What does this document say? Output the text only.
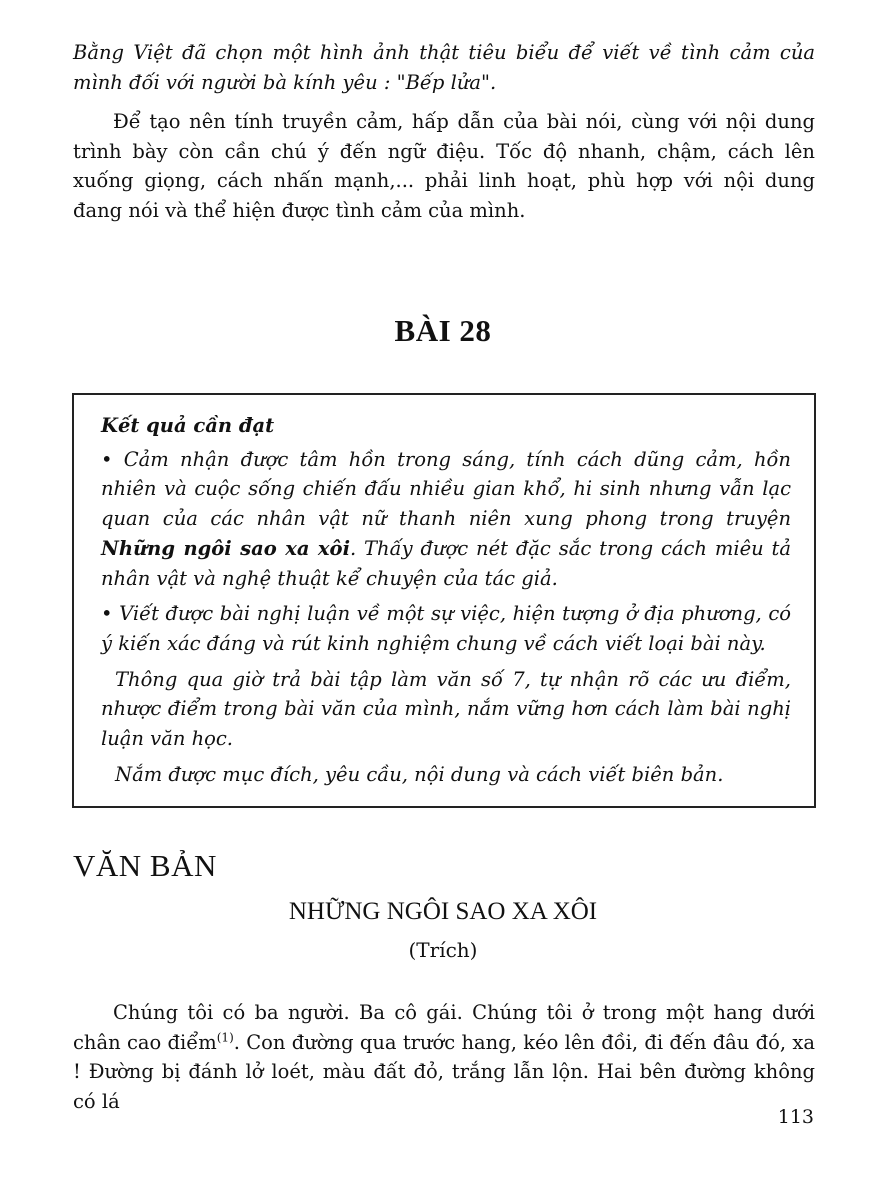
Bằng Việt đã chọn một hình ảnh thật tiêu biểu để viết về tình cảm của mình đối với người bà kính yêu : "Bếp lửa".

Để tạo nên tính truyền cảm, hấp dẫn của bài nói, cùng với nội dung trình bày còn cần chú ý đến ngữ điệu. Tốc độ nhanh, chậm, cách lên xuống giọng, cách nhấn mạnh,... phải linh hoạt, phù hợp với nội dung đang nói và thể hiện được tình cảm của mình.

BÀI 28

Kết quả cần đạt

• Cảm nhận được tâm hồn trong sáng, tính cách dũng cảm, hồn nhiên và cuộc sống chiến đấu nhiều gian khổ, hi sinh nhưng vẫn lạc quan của các nhân vật nữ thanh niên xung phong trong truyện Những ngôi sao xa xôi. Thấy được nét đặc sắc trong cách miêu tả nhân vật và nghệ thuật kể chuyện của tác giả.

• Viết được bài nghị luận về một sự việc, hiện tượng ở địa phương, có ý kiến xác đáng và rút kinh nghiệm chung về cách viết loại bài này.

Thông qua giờ trả bài tập làm văn số 7, tự nhận rõ các ưu điểm, nhược điểm trong bài văn của mình, nắm vững hơn cách làm bài nghị luận văn học.

Nắm được mục đích, yêu cầu, nội dung và cách viết biên bản.

VĂN BẢN
NHỮNG NGÔI SAO XA XÔI

(Trích)

Chúng tôi có ba người. Ba cô gái. Chúng tôi ở trong một hang dưới chân cao điểm$^{(1)}$. Con đường qua trước hang, kéo lên đồi, đi đến đâu đó, xa ! Đường bị đánh lở loét, màu đất đỏ, trắng lẫn lộn. Hai bên đường không có lá

113
